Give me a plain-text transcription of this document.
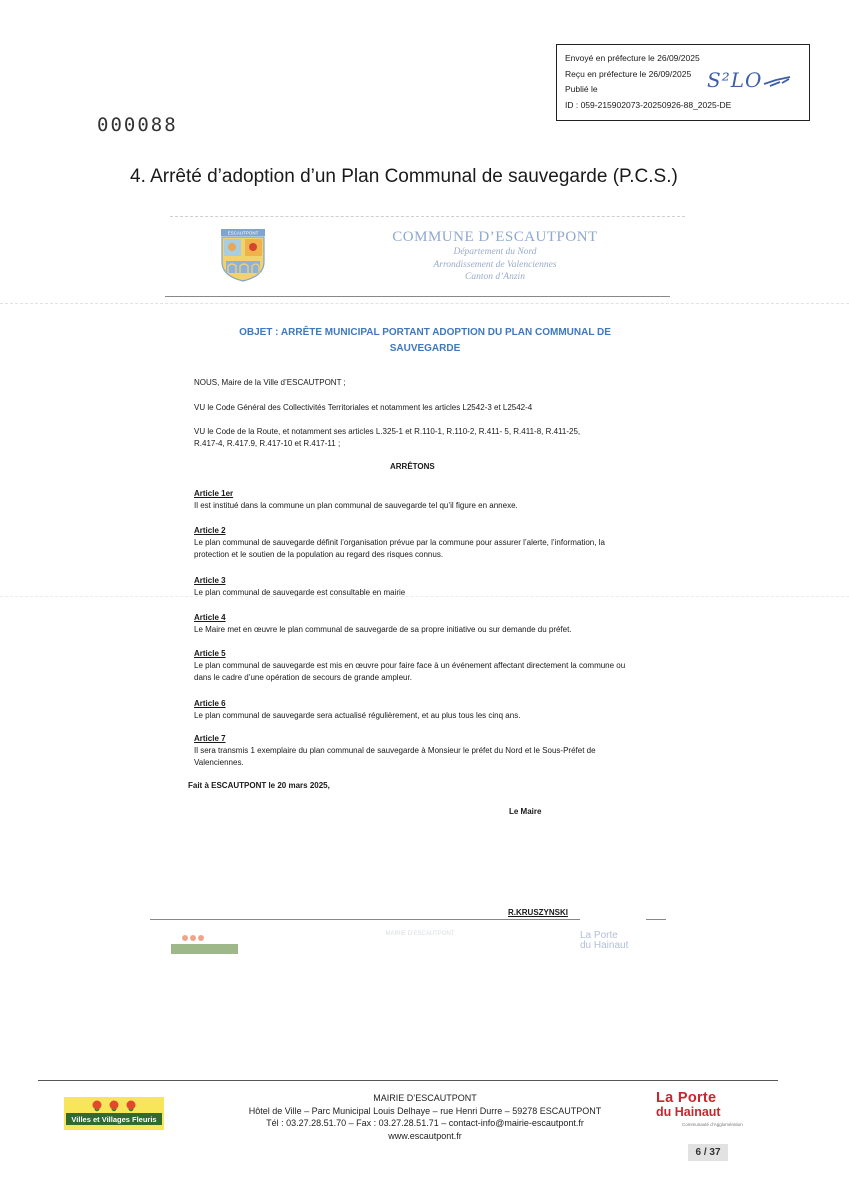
Envoyé en préfecture le 26/09/2025
Reçu en préfecture le 26/09/2025
Publié le
ID : 059-215902073-20250926-88_2025-DE
S²LO
000088
4. Arrêté d’adoption d’un Plan Communal de sauvegarde (P.C.S.)
ESCAUTPONT	COMMUNE D’ESCAUTPONT
Département du Nord
Arrondissement de Valenciennes
Canton d’Anzin
OBJET : ARRÊTE MUNICIPAL PORTANT ADOPTION DU PLAN COMMUNAL DE
SAUVEGARDE
NOUS, Maire de la Ville d’ESCAUTPONT ;
VU le Code Général des Collectivités Territoriales et notamment les articles L2542-3 et L2542-4
VU le Code de la Route, et notamment ses articles L.325-1 et R.110-1, R.110-2, R.411- 5, R.411-8, R.411-25,
R.417-4, R.417.9, R.417-10 et R.417-11 ;
ARRÊTONS
Article 1er
Il est institué dans la commune un plan communal de sauvegarde tel qu’il figure en annexe.
Article 2
Le plan communal de sauvegarde définit l’organisation prévue par la commune pour assurer l’alerte, l’information, la protection et le soutien de la population au regard des risques connus.
Article 3
Le plan communal de sauvegarde est consultable en mairie
Article 4
Le Maire met en œuvre le plan communal de sauvegarde de sa propre initiative ou sur demande du préfet.
Article 5
Le plan communal de sauvegarde est mis en œuvre pour faire face à un événement affectant directement la commune ou dans le cadre d’une opération de secours de grande ampleur.
Article 6
Le plan communal de sauvegarde sera actualisé régulièrement, et au plus tous les cinq ans.
Article 7
Il sera transmis 1 exemplaire du plan communal de sauvegarde à Monsieur le préfet du Nord et le Sous-Préfet de Valenciennes.
Fait à ESCAUTPONT le 20 mars 2025,
Le Maire
R.KRUSZYNSKI
MAIRIE D’ESCAUTPONT	La Porte
du Hainaut
Villes et Villages Fleuris
MAIRIE D’ESCAUTPONT
Hôtel de Ville – Parc Municipal Louis Delhaye – rue Henri Durre – 59278 ESCAUTPONT
Tél : 03.27.28.51.70 – Fax : 03.27.28.51.71 – contact-info@mairie-escautpont.fr
www.escautpont.fr
La Porte
du Hainaut
Communauté d’Agglomération
6 / 37
